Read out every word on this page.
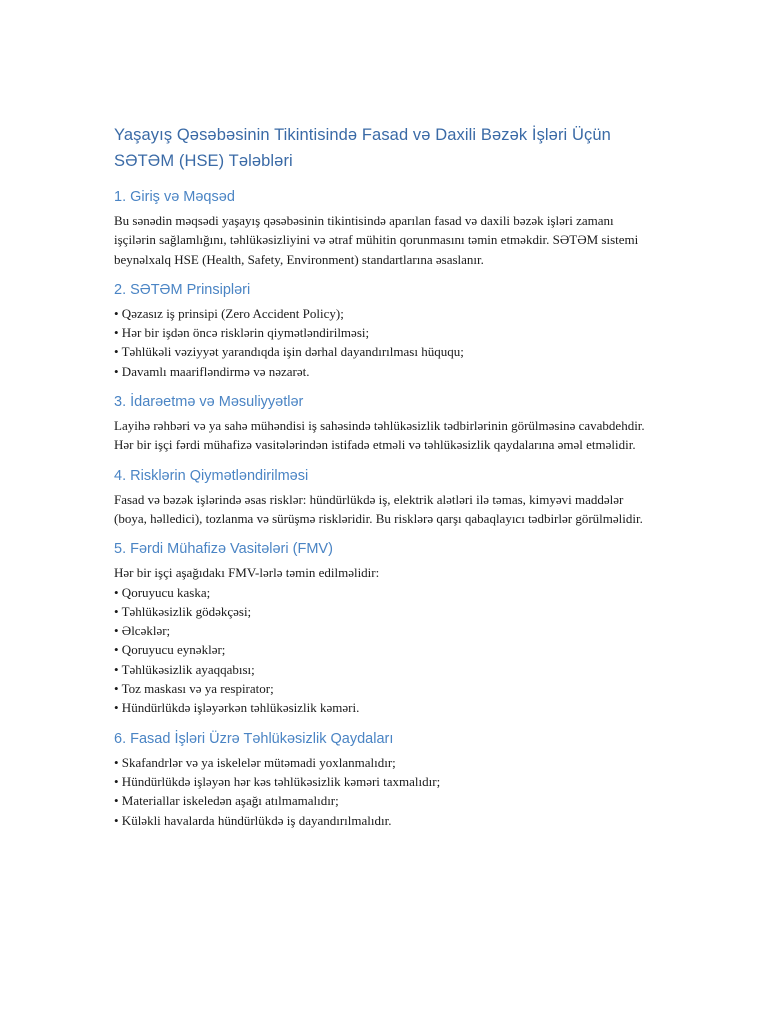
Yaşayış Qəsəbəsinin Tikintisində Fasad və Daxili Bəzək İşləri Üçün SƏTƏM (HSE) Tələbləri
1. Giriş və Məqsəd

Bu sənədin məqsədi yaşayış qəsəbəsinin tikintisində aparılan fasad və daxili bəzək işləri zamanı işçilərin sağlamlığını, təhlükəsizliyini və ətraf mühitin qorunmasını təmin etməkdir. SƏTƏM sistemi beynəlxalq HSE (Health, Safety, Environment) standartlarına əsaslanır.

2. SƏTƏM Prinsipləri
• Qəzasız iş prinsipi (Zero Accident Policy);
• Hər bir işdən öncə risklərin qiymətləndirilməsi;
• Təhlükəli vəziyyət yarandıqda işin dərhal dayandırılması hüququ;
• Davamlı maarifləndirmə və nəzarət.
3. İdarəetmə və Məsuliyyətlər

Layihə rəhbəri və ya sahə mühəndisi iş sahəsində təhlükəsizlik tədbirlərinin görülməsinə cavabdehdir. Hər bir işçi fərdi mühafizə vasitələrindən istifadə etməli və təhlükəsizlik qaydalarına əməl etməlidir.

4. Risklərin Qiymətləndirilməsi

Fasad və bəzək işlərində əsas risklər: hündürlükdə iş, elektrik alətləri ilə təmas, kimyəvi maddələr (boya, həlledici), tozlanma və sürüşmə riskləridir. Bu risklərə qarşı qabaqlayıcı tədbirlər görülməlidir.

5. Fərdi Mühafizə Vasitələri (FMV)

Hər bir işçi aşağıdakı FMV-lərlə təmin edilməlidir:

• Qoruyucu kaska;
• Təhlükəsizlik gödəkçəsi;
• Əlcəklər;
• Qoruyucu eynəklər;
• Təhlükəsizlik ayaqqabısı;
• Toz maskası və ya respirator;
• Hündürlükdə işləyərkən təhlükəsizlik kəməri.
6. Fasad İşləri Üzrə Təhlükəsizlik Qaydaları
• Skafandrlər və ya iskelelər mütəmadi yoxlanmalıdır;
• Hündürlükdə işləyən hər kəs təhlükəsizlik kəməri taxmalıdır;
• Materiallar iskeledən aşağı atılmamalıdır;
• Küləkli havalarda hündürlükdə iş dayandırılmalıdır.
